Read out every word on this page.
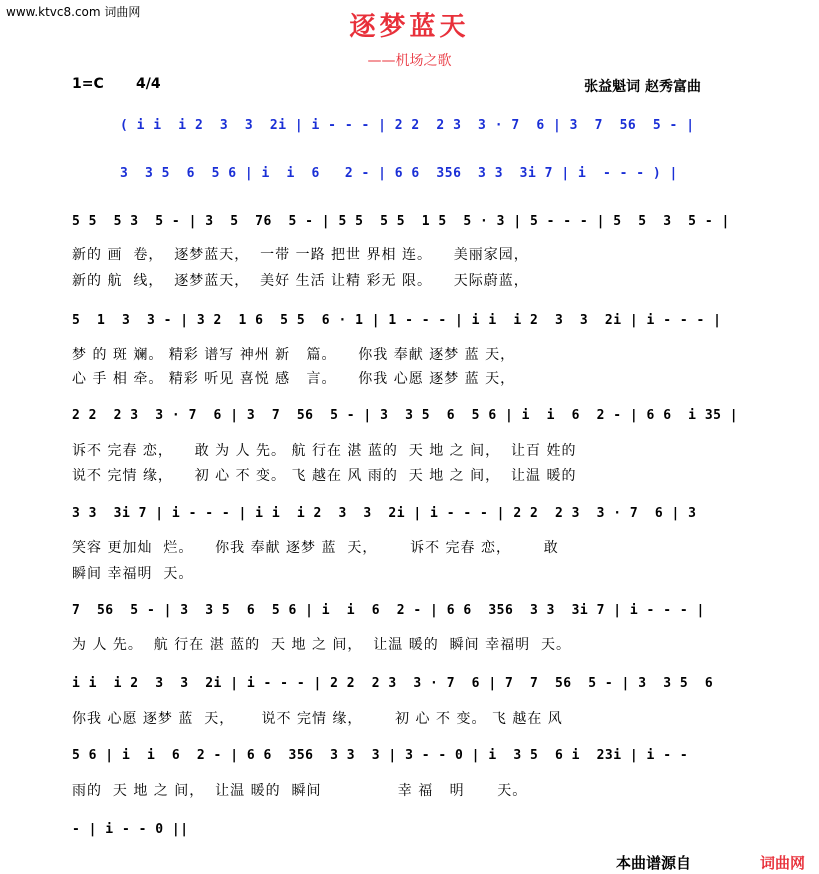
www.ktvc8.com 词曲网	逐梦蓝天
——机场之歌
1=C 4/4	张益魁词 赵秀富曲
( i i  i 2  3  3  2i | i - - - | 2 2  2 3  3 · 7  6 | 3  7  56  5 - |
3  3 5  6  5 6 | i  i  6   2 - | 6 6  356  3 3  3i 7 | i  - - - ) |
5 5  5 3  5 - | 3  5  76  5 - | 5 5  5 5  1 5  5 · 3 | 5 - - - | 5  5  3  5 - |
新的 画  卷，  逐梦蓝天，  一带 一路 把世 界相 连。    美丽家园，
新的 航  线，  逐梦蓝天，  美好 生活 让精 彩无 限。    天际蔚蓝，
5  1  3  3 - | 3 2  1 6  5 5  6 · 1 | 1 - - - | i i  i 2  3  3  2i | i - - - |
梦 的 斑 斓。 精彩 谱写 神州 新   篇。    你我 奉献 逐梦 蓝 天，
心 手 相 牵。 精彩 听见 喜悦 感   言。    你我 心愿 逐梦 蓝 天，
2 2  2 3  3 · 7  6 | 3  7  56  5 - | 3  3 5  6  5 6 | i  i  6  2 - | 6 6  i 35 |
诉不 完春 恋，    敢 为 人 先。 航 行在 湛 蓝的  天 地 之 间，  让百 姓的
说不 完情 缘，    初 心 不 变。 飞 越在 风 雨的  天 地 之 间，  让温 暖的
3 3  3i 7 | i - - - | i i  i 2  3  3  2i | i - - - | 2 2  2 3  3 · 7  6 | 3
笑容 更加灿  烂。    你我 奉献 逐梦 蓝  天，      诉不 完春 恋，      敢
瞬间 幸福明  天。
7  56  5 - | 3  3 5  6  5 6 | i  i  6  2 - | 6 6  356  3 3  3i 7 | i - - - |
为 人 先。  航 行在 湛 蓝的  天 地 之 间，  让温 暖的  瞬间 幸福明  天。
i i  i 2  3  3  2i | i - - - | 2 2  2 3  3 · 7  6 | 7  7  56  5 - | 3  3 5  6
你我 心愿 逐梦 蓝  天，     说不 完情 缘，      初 心 不 变。 飞 越在 风
5 6 | i  i  6  2 - | 6 6  356  3 3  3 | 3 - - 0 | i  3 5  6 i  23i | i - -
雨的  天 地 之 间，  让温 暖的  瞬间              幸 福   明      天。
- | i - - 0 ||
本曲谱源自	词曲网
